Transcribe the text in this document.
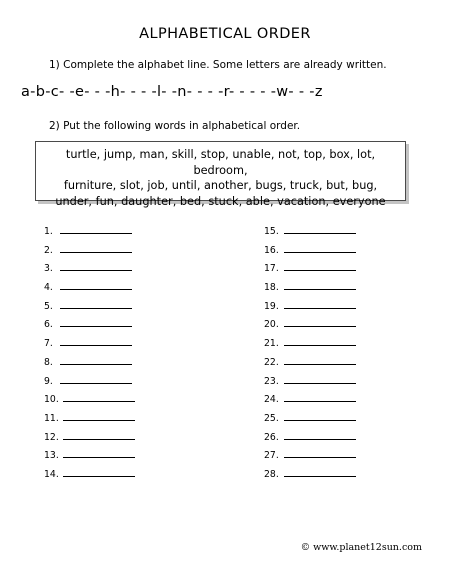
ALPHABETICAL ORDER
1) Complete the alphabet line. Some letters are already written.
a-b-c- -e- - -h- - - -l- -n- - - -r- - - - -w- - -z
2) Put the following words in alphabetical order.
turtle, jump, man, skill, stop, unable, not, top, box, lot, bedroom,
furniture, slot, job, until, another, bugs, truck, but, bug,
under, fun, daughter, bed, stuck, able, vacation, everyone
1.
2.
3.
4.
5.
6.
7.
8.
9.
10.
11.
12.
13.
14.
15.
16.
17.
18.
19.
20.
21.
22.
23.
24.
25.
26.
27.
28.
© www.planet12sun.com
